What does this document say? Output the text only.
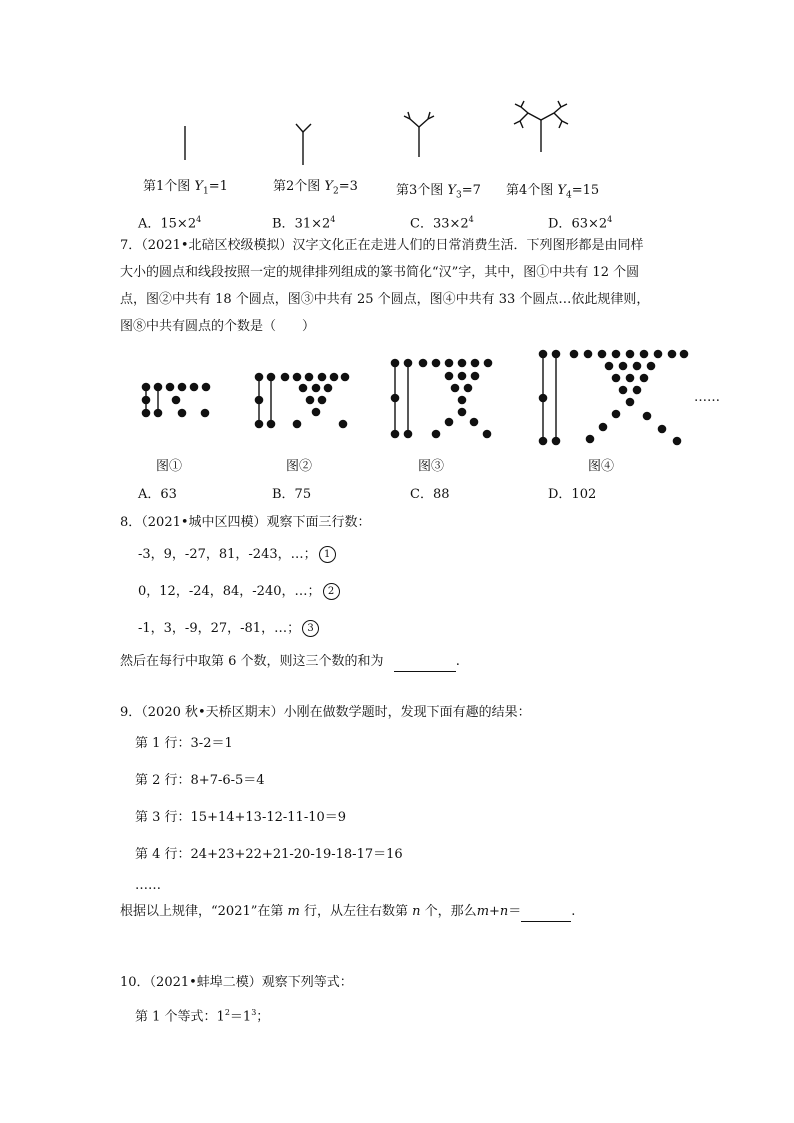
第1个图 $Y_1=1$	第2个图 $Y_2=3$	第3个图 $Y_3=7$ 第4个图 $Y_4=15$
A．$15\times 2^4$	B．$31\times 2^4$	C．$33\times 2^4$	D．$63\times 2^4$
7．（2021•北碚区校级模拟）汉字文化正在走进人们的日常消费生活．下列图形都是由同样
大小的圆点和线段按照一定的规律排列组成的篆书简化“汉”字，其中，图①中共有 12 个圆
点，图②中共有 18 个圆点，图③中共有 25 个圆点，图④中共有 33 个圆点…依此规律则，
图⑧中共有圆点的个数是（　　）
……
图①	图②	图③	图④
A．63	B．75	C．88	D．102
8．（2021•城中区四模）观察下面三行数：
-3，9，-27，81，-243，…； 1
0，12，-24，84，-240，…； 2
-1，3，-9，27，-81，…； 3
然后在每行中取第 6 个数，则这三个数的和为	.
9．（2020 秋•天桥区期末）小刚在做数学题时，发现下面有趣的结果：
第 1 行：3-2＝1
第 2 行：8+7-6-5＝4
第 3 行：15+14+13-12-11-10＝9
第 4 行：24+23+22+21-20-19-18-17＝16
……
根据以上规律，“2021”在第 m 行，从左往右数第 n 个，那么m+n＝	.
10．（2021•蚌埠二模）观察下列等式：
第 1 个等式：$1^2=1^3$；
